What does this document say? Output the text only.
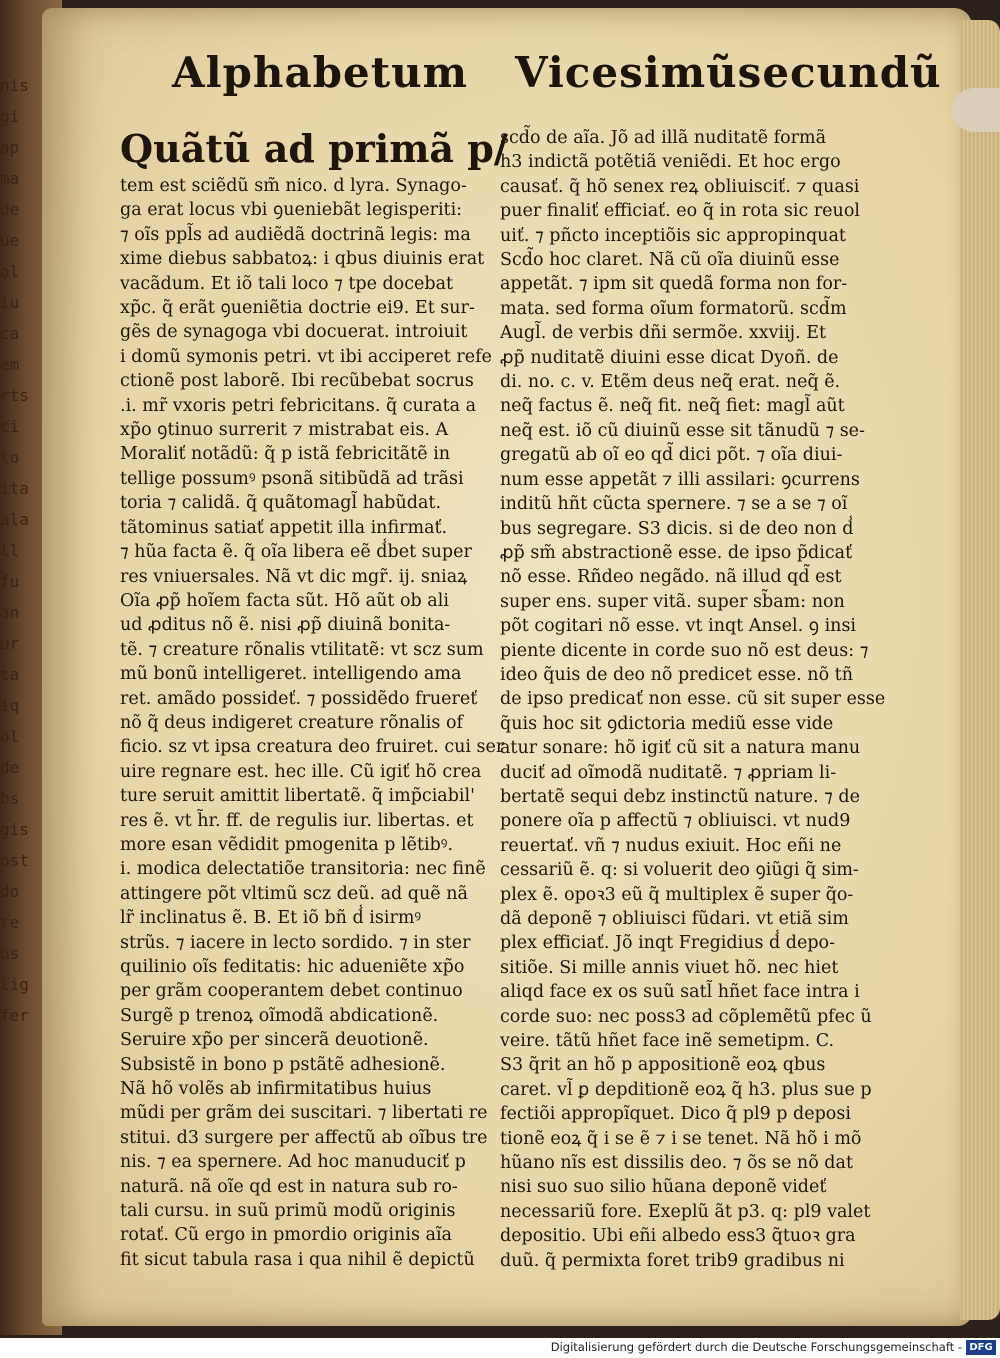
nis
gi
ap
ma
de
ue
ol
iu
ca
em
rts
ci
to
ita
ala
ll
fu
an
ur
ta
iq
ol
de
bs
gis
ost
do
re
us
lig
fer
Alphabetum Vicesimũsecundũ
Quãtũ ad primã p/
tem est sciẽdũ sm̃ nico. d lyra. Synago-
ga erat locus vbi ꝯueniebãt legisperiti:
⁊ oĩs ppl̃s ad audiẽdã doctrinã legis: ma
xime diebus sabbatoꝝ: i qbus diuinis erat
vacãdum. Et iõ tali loco ⁊ tpe docebat
xp̃c. q̃ erãt ꝯueniẽtia doctrie ei9. Et sur-
gẽs de synagoga vbi docuerat. introiuit
i domũ symonis petri. vt ibi acciperet refe
ctionẽ post laborẽ. Ibi recũbebat socrus
.i. mr̃ vxoris petri febricitans. q̃ curata a
xp̃o ꝯtinuo surrerit ⁊ mistrabat eis. A
Moraliť notãdũ: q̃ p istã febricitãtẽ in
tellige possumꝰ psonã sitibũdã ad trãsi
toria ⁊ calidã. q̃ quãtomagl̃ habũdat.
tãtominus satiať appetit illa infirmať.
⁊ hũa facta ẽ. q̃ oĩa libera eẽ d̾bet super
res vniuersales. Nã vt dic mgr̃. ij. sniaꝝ
Oĩa ꝓp̃ hoĩem facta sũt. Hõ aũt ob ali
ud ꝓditus nõ ẽ. nisi ꝓp̃ diuinã bonita-
tẽ. ⁊ creature rõnalis vtilitatẽ: vt scz sum
mũ bonũ intelligeret. intelligendo ama
ret. amãdo possideť. ⁊ possidẽdo fruereť
nõ q̃ deus indigeret creature rõnalis of
ficio. sz vt ipsa creatura deo fruiret. cui ser
uire regnare est. hec ille. Cũ igiť hõ crea
ture seruit amittit libertatẽ. q̃ imp̃ciabil'
res ẽ. vt h̃r. ff. de regulis iur. libertas. et
more esan vẽdidit pmogenita p lẽtibꝰ.
i. modica delectatiõe transitoria: nec finẽ
attingere põt vltimũ scz deũ. ad quẽ nã
lr̃ inclinatus ẽ. B. Et iõ bñ d̾ isirmꝰ
strũs. ⁊ iacere in lecto sordido. ⁊ in ster
quilinio oĩs feditatis: hic adueniẽte xp̃o
per grãm cooperantem debet continuo
Surgẽ p trenoꝝ oĩmodã abdicationẽ.
Seruire xp̃o per sincerã deuotionẽ.
Subsistẽ in bono p pstãtẽ adhesionẽ.
Nã hõ volẽs ab infirmitatibus huius
mũdi per grãm dei suscitari. ⁊ libertati re
stitui. d3 surgere per affectũ ab oĩbus tre
nis. ⁊ ea spernere. Ad hoc manuduciť p
naturã. nã oĩe qd est in natura sub ro-
tali cursu. in suũ primũ modũ originis
rotať. Cũ ergo in pmordio originis aĩa
fit sicut tabula rasa i qua nihil ẽ depictũ
scd̃o de aĩa. Jõ ad illã nuditatẽ formã
h3 indictã potẽtiã veniẽdi. Et hoc ergo
causať. q̃ hõ senex reꝝ obliuisciť. ⁊ quasi
puer finaliť efficiať. eo q̃ in rota sic reuol
uiť. ⁊ pñcto inceptiõis sic appropinquat
Scd̃o hoc claret. Nã cũ oĩa diuinũ esse
appetãt. ⁊ ipm sit quedã forma non for-
mata. sed forma oĩum formatorũ. scd̃m
Augl̃. de verbis dñi sermõe. xxviij. Et
ꝓp̃ nuditatẽ diuini esse dicat Dyoñ. de
di. no. c. v. Etẽm deus neq̃ erat. neq̃ ẽ.
neq̃ factus ẽ. neq̃ fit. neq̃ fiet: magl̃ aũt
neq̃ est. iõ cũ diuinũ esse sit tãnudũ ⁊ se-
gregatũ ab oĩ eo qd̃ dici põt. ⁊ oĩa diui-
num esse appetãt ⁊ illi assilari: ꝯcurrens
inditũ hñt cũcta spernere. ⁊ se a se ⁊ oĩ
bus segregare. S3 dicis. si de deo non d̾
ꝓp̃ sm̃ abstractionẽ esse. de ipso p̃dicať
nõ esse. Rñdeo negãdo. nã illud qd̃ est
super ens. super vitã. super sb̃am: non
põt cogitari nõ esse. vt inqt Ansel. ꝯ insi
piente dicente in corde suo nõ est deus: ⁊
ideo q̃uis de deo nõ predicet esse. nõ tñ
de ipso predicať non esse. cũ sit super esse
q̃uis hoc sit ꝯdictoria mediũ esse vide
atur sonare: hõ igiť cũ sit a natura manu
duciť ad oĩmodã nuditatẽ. ⁊ ꝓpriam li-
bertatẽ sequi debz instinctũ nature. ⁊ de
ponere oĩa p affectũ ⁊ obliuisci. vt nud9
reuertať. vñ ⁊ nudus exiuit. Hoc eñi ne
cessariũ ẽ. q: si voluerit deo ꝯiũgi q̃ sim-
plex ẽ. opoꝛ3 eũ q̃ multiplex ẽ super q̃o-
dã deponẽ ⁊ obliuisci fũdari. vt etiã sim
plex efficiať. Jõ inqt Fregidius d̾ depo-
sitiõe. Si mille annis viuet hõ. nec hiet
aliqd face ex os suũ satl̃ hñet face intra i
corde suo: nec poss3 ad cõplemẽtũ pfec ũ
veire. tãtũ hñet face inẽ semetipm. C.
S3 q̃rit an hõ p appositionẽ eoꝝ qbus
caret. vl̃ ꝑ depditionẽ eoꝝ q̃ h3. plus sue p
fectiõi appropĩquet. Dico q̃ pl9 p deposi
tionẽ eoꝝ q̃ i se ẽ ⁊ i se tenet. Nã hõ i mõ
hũano nĩs est dissilis deo. ⁊ õs se nõ dat
nisi suo suo silio hũana deponẽ videť
necessariũ fore. Exeplũ ãt p3. q: pl9 valet
depositio. Ubi eñi albedo ess3 q̃tuoꝛ gra
duũ. q̃ permixta foret trib9 gradibus ni
Digitalisierung gefördert durch die Deutsche Forschungsgemeinschaft - DFG
